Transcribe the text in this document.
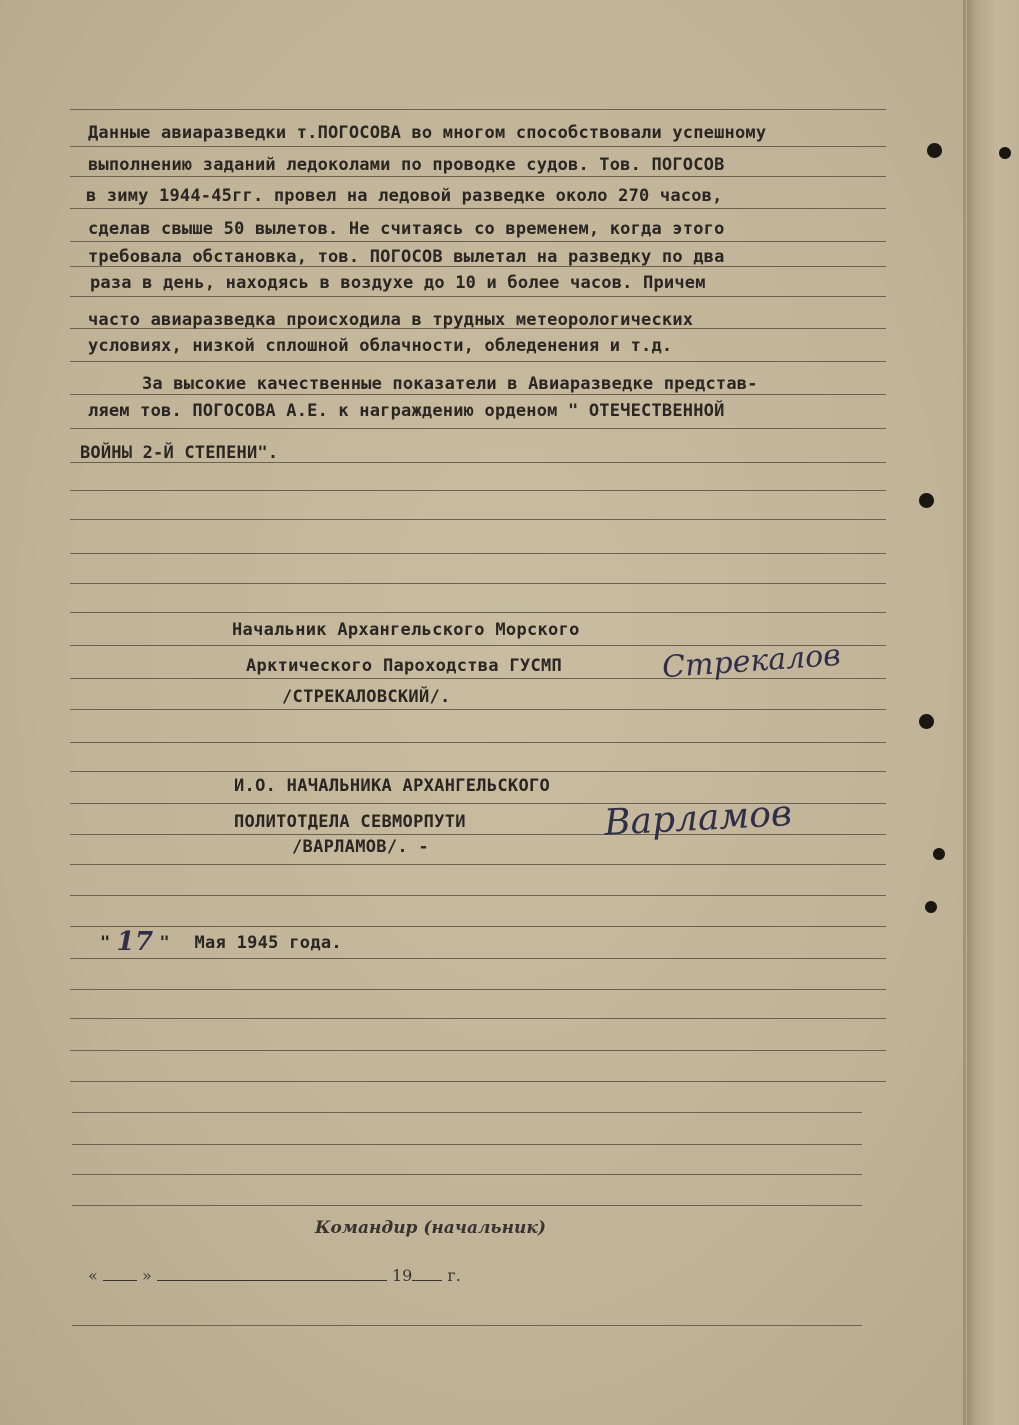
Данные авиаразведки т.ПОГОСОВА во многом способствовали успешному
выполнению заданий ледоколами по проводке судов. Тов. ПОГОСОВ
в зиму 1944-45гг. провел на ледовой разведке около 270 часов,
сделав свыше 50 вылетов. Не считаясь со временем, когда этого
требовала обстановка, тов. ПОГОСОВ вылетал на разведку по два
раза в день, находясь в воздухе до 10 и более часов. Причем
часто авиаразведка происходила в трудных метеорологических
условиях, низкой сплошной облачности, обледенения и т.д.
За высокие качественные показатели в Авиаразведке представ-
ляем тов. ПОГОСОВА А.Е. к награждению орденом " ОТЕЧЕСТВЕННОЙ
ВОЙНЫ 2-Й СТЕПЕНИ".
Начальник Архангельского Морского
Арктического Пароходства ГУСМП
/СТРЕКАЛОВСКИЙ/.
Стрекалов
И.О. НАЧАЛЬНИКА АРХАНГЕЛЬСКОГО
ПОЛИТОТДЕЛА СЕВМОРПУТИ
/ВАРЛАМОВ/. -
Варламов
" 17 " Мая 1945 года.
Командир (начальник)
«	»	19 г.
